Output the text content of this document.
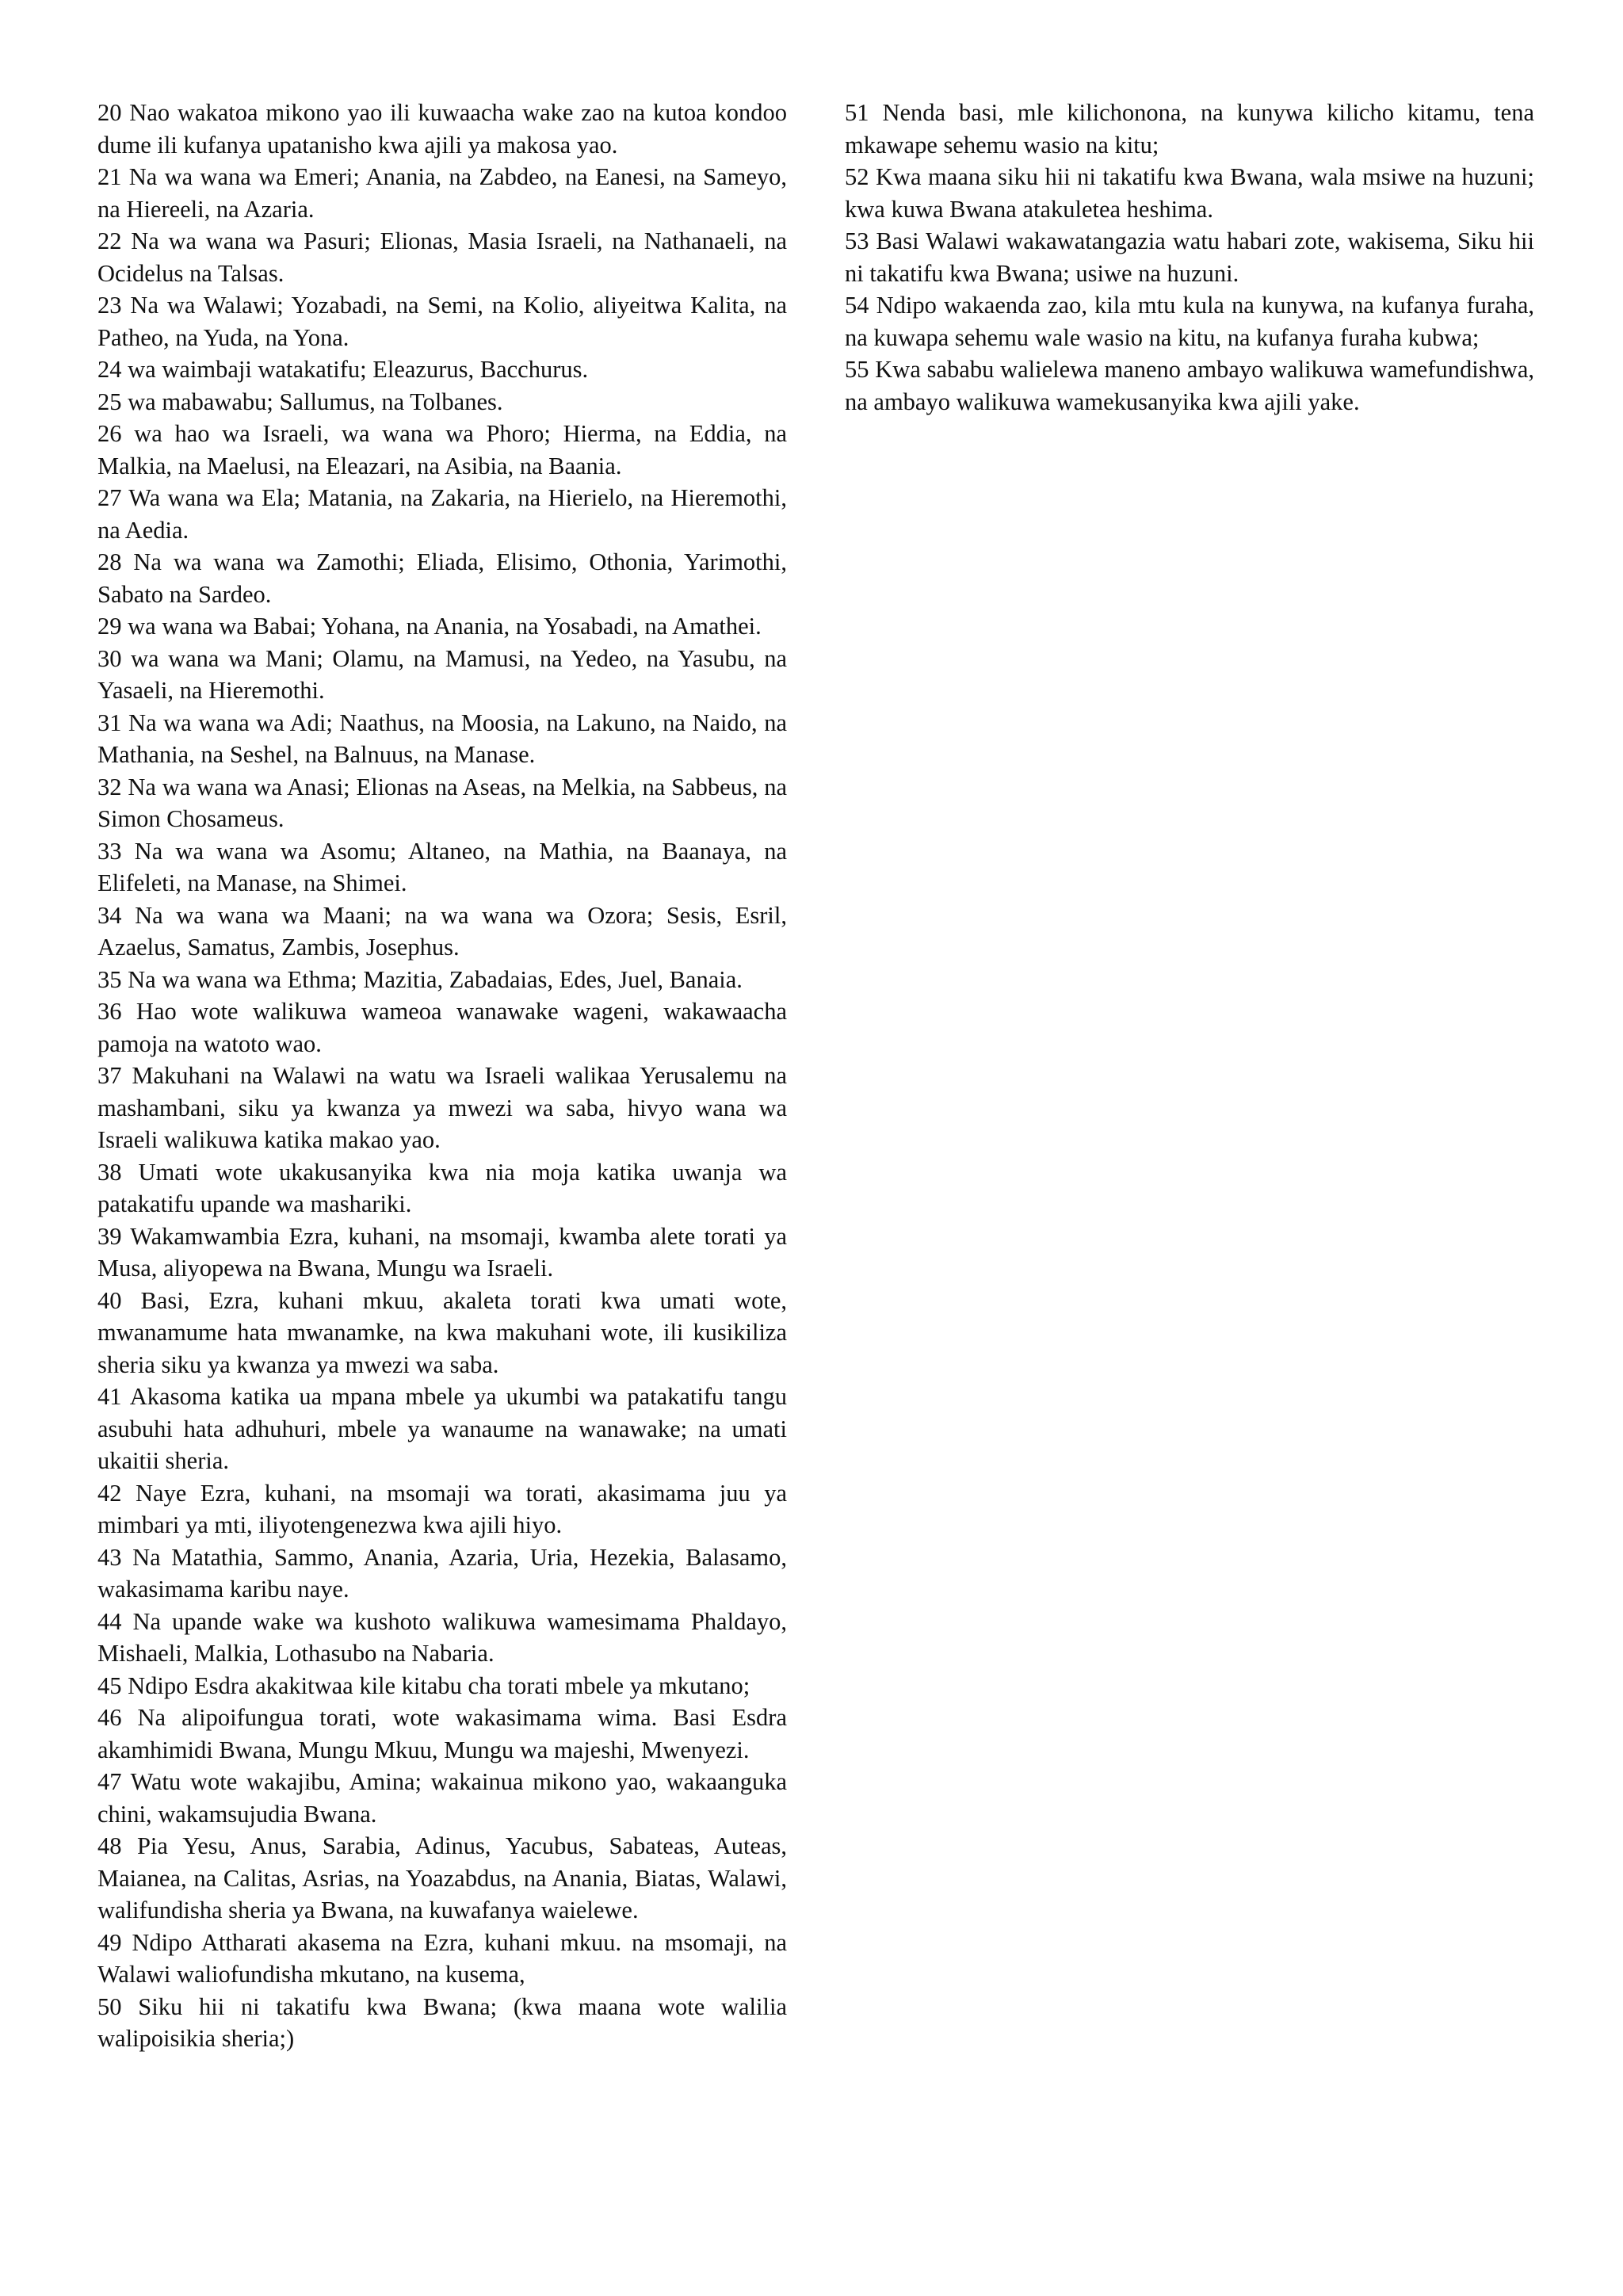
20 Nao wakatoa mikono yao ili kuwaacha wake zao na kutoa kondoo dume ili kufanya upatanisho kwa ajili ya makosa yao.

21 Na wa wana wa Emeri; Anania, na Zabdeo, na Eanesi, na Sameyo, na Hiereeli, na Azaria.

22 Na wa wana wa Pasuri; Elionas, Masia Israeli, na Nathanaeli, na Ocidelus na Talsas.

23 Na wa Walawi; Yozabadi, na Semi, na Kolio, aliyeitwa Kalita, na Patheo, na Yuda, na Yona.

24 wa waimbaji watakatifu; Eleazurus, Bacchurus.

25 wa mabawabu; Sallumus, na Tolbanes.

26 wa hao wa Israeli, wa wana wa Phoro; Hierma, na Eddia, na Malkia, na Maelusi, na Eleazari, na Asibia, na Baania.

27 Wa wana wa Ela; Matania, na Zakaria, na Hierielo, na Hieremothi, na Aedia.

28 Na wa wana wa Zamothi; Eliada, Elisimo, Othonia, Yarimothi, Sabato na Sardeo.

29 wa wana wa Babai; Yohana, na Anania, na Yosabadi, na Amathei.

30 wa wana wa Mani; Olamu, na Mamusi, na Yedeo, na Yasubu, na Yasaeli, na Hieremothi.

31 Na wa wana wa Adi; Naathus, na Moosia, na Lakuno, na Naido, na Mathania, na Seshel, na Balnuus, na Manase.

32 Na wa wana wa Anasi; Elionas na Aseas, na Melkia, na Sabbeus, na Simon Chosameus.

33 Na wa wana wa Asomu; Altaneo, na Mathia, na Baanaya, na Elifeleti, na Manase, na Shimei.

34 Na wa wana wa Maani; na wa wana wa Ozora; Sesis, Esril, Azaelus, Samatus, Zambis, Josephus.

35 Na wa wana wa Ethma; Mazitia, Zabadaias, Edes, Juel, Banaia.

36 Hao wote walikuwa wameoa wanawake wageni, wakawaacha pamoja na watoto wao.

37 Makuhani na Walawi na watu wa Israeli walikaa Yerusalemu na mashambani, siku ya kwanza ya mwezi wa saba, hivyo wana wa Israeli walikuwa katika makao yao.

38 Umati wote ukakusanyika kwa nia moja katika uwanja wa patakatifu upande wa mashariki.

39 Wakamwambia Ezra, kuhani, na msomaji, kwamba alete torati ya Musa, aliyopewa na Bwana, Mungu wa Israeli.

40 Basi, Ezra, kuhani mkuu, akaleta torati kwa umati wote, mwanamume hata mwanamke, na kwa makuhani wote, ili kusikiliza sheria siku ya kwanza ya mwezi wa saba.

41 Akasoma katika ua mpana mbele ya ukumbi wa patakatifu tangu asubuhi hata adhuhuri, mbele ya wanaume na wanawake; na umati ukaitii sheria.

42 Naye Ezra, kuhani, na msomaji wa torati, akasimama juu ya mimbari ya mti, iliyotengenezwa kwa ajili hiyo.

43 Na Matathia, Sammo, Anania, Azaria, Uria, Hezekia, Balasamo, wakasimama karibu naye.

44 Na upande wake wa kushoto walikuwa wamesimama Phaldayo, Mishaeli, Malkia, Lothasubo na Nabaria.

45 Ndipo Esdra akakitwaa kile kitabu cha torati mbele ya mkutano;

46 Na alipoifungua torati, wote wakasimama wima. Basi Esdra akamhimidi Bwana, Mungu Mkuu, Mungu wa majeshi, Mwenyezi.

47 Watu wote wakajibu, Amina; wakainua mikono yao, wakaanguka chini, wakamsujudia Bwana.

48 Pia Yesu, Anus, Sarabia, Adinus, Yacubus, Sabateas, Auteas, Maianea, na Calitas, Asrias, na Yoazabdus, na Anania, Biatas, Walawi, walifundisha sheria ya Bwana, na kuwafanya waielewe.

49 Ndipo Attharati akasema na Ezra, kuhani mkuu. na msomaji, na Walawi waliofundisha mkutano, na kusema,

50 Siku hii ni takatifu kwa Bwana; (kwa maana wote walilia walipoisikia sheria;)

51 Nenda basi, mle kilichonona, na kunywa kilicho kitamu, tena mkawape sehemu wasio na kitu;

52 Kwa maana siku hii ni takatifu kwa Bwana, wala msiwe na huzuni; kwa kuwa Bwana atakuletea heshima.

53 Basi Walawi wakawatangazia watu habari zote, wakisema, Siku hii ni takatifu kwa Bwana; usiwe na huzuni.

54 Ndipo wakaenda zao, kila mtu kula na kunywa, na kufanya furaha, na kuwapa sehemu wale wasio na kitu, na kufanya furaha kubwa;

55 Kwa sababu walielewa maneno ambayo walikuwa wamefundishwa, na ambayo walikuwa wamekusanyika kwa ajili yake.
